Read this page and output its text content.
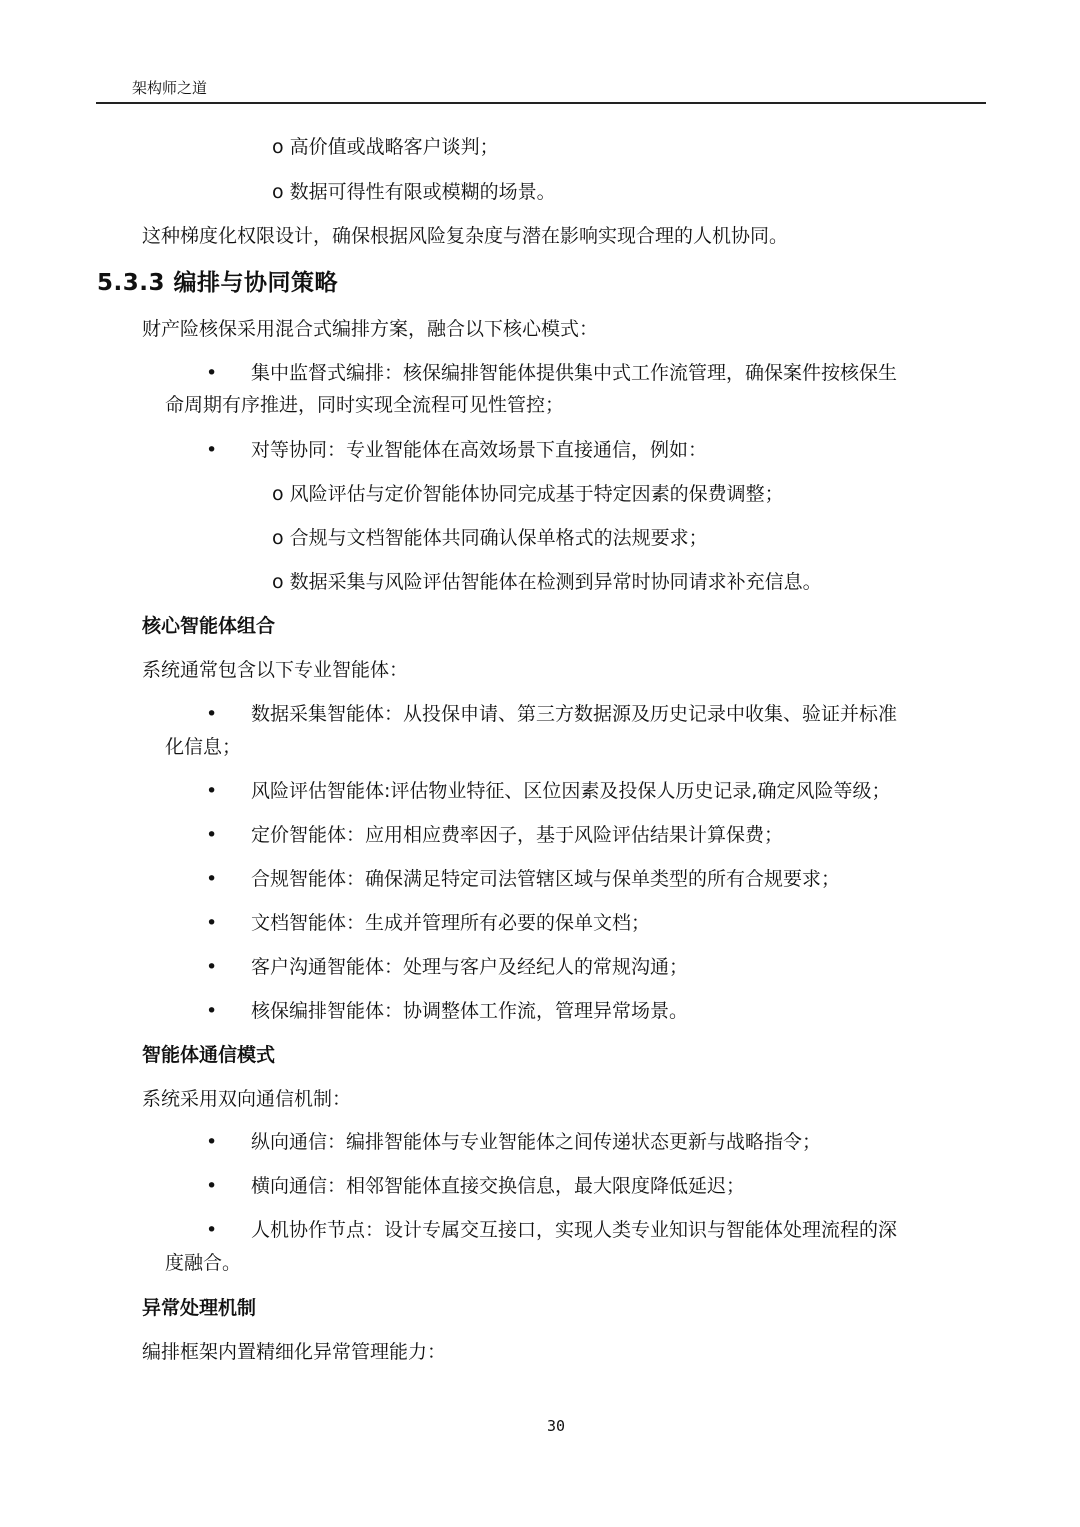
架构师之道
o 高价值或战略客户谈判；
o 数据可得性有限或模糊的场景。
这种梯度化权限设计，确保根据风险复杂度与潜在影响实现合理的人机协同。
5.3.3 编排与协同策略
财产险核保采用混合式编排方案，融合以下核心模式：
• 集中监督式编排：核保编排智能体提供集中式工作流管理，确保案件按核保生
命周期有序推进，同时实现全流程可见性管控；
• 对等协同：专业智能体在高效场景下直接通信，例如：
o 风险评估与定价智能体协同完成基于特定因素的保费调整；
o 合规与文档智能体共同确认保单格式的法规要求；
o 数据采集与风险评估智能体在检测到异常时协同请求补充信息。
核心智能体组合
系统通常包含以下专业智能体：
• 数据采集智能体：从投保申请、第三方数据源及历史记录中收集、验证并标准
化信息；
• 风险评估智能体:评估物业特征、区位因素及投保人历史记录,确定风险等级；
• 定价智能体：应用相应费率因子，基于风险评估结果计算保费；
• 合规智能体：确保满足特定司法管辖区域与保单类型的所有合规要求；
• 文档智能体：生成并管理所有必要的保单文档；
• 客户沟通智能体：处理与客户及经纪人的常规沟通；
• 核保编排智能体：协调整体工作流，管理异常场景。
智能体通信模式
系统采用双向通信机制：
• 纵向通信：编排智能体与专业智能体之间传递状态更新与战略指令；
• 横向通信：相邻智能体直接交换信息，最大限度降低延迟；
• 人机协作节点：设计专属交互接口，实现人类专业知识与智能体处理流程的深
度融合。
异常处理机制
编排框架内置精细化异常管理能力：
30
